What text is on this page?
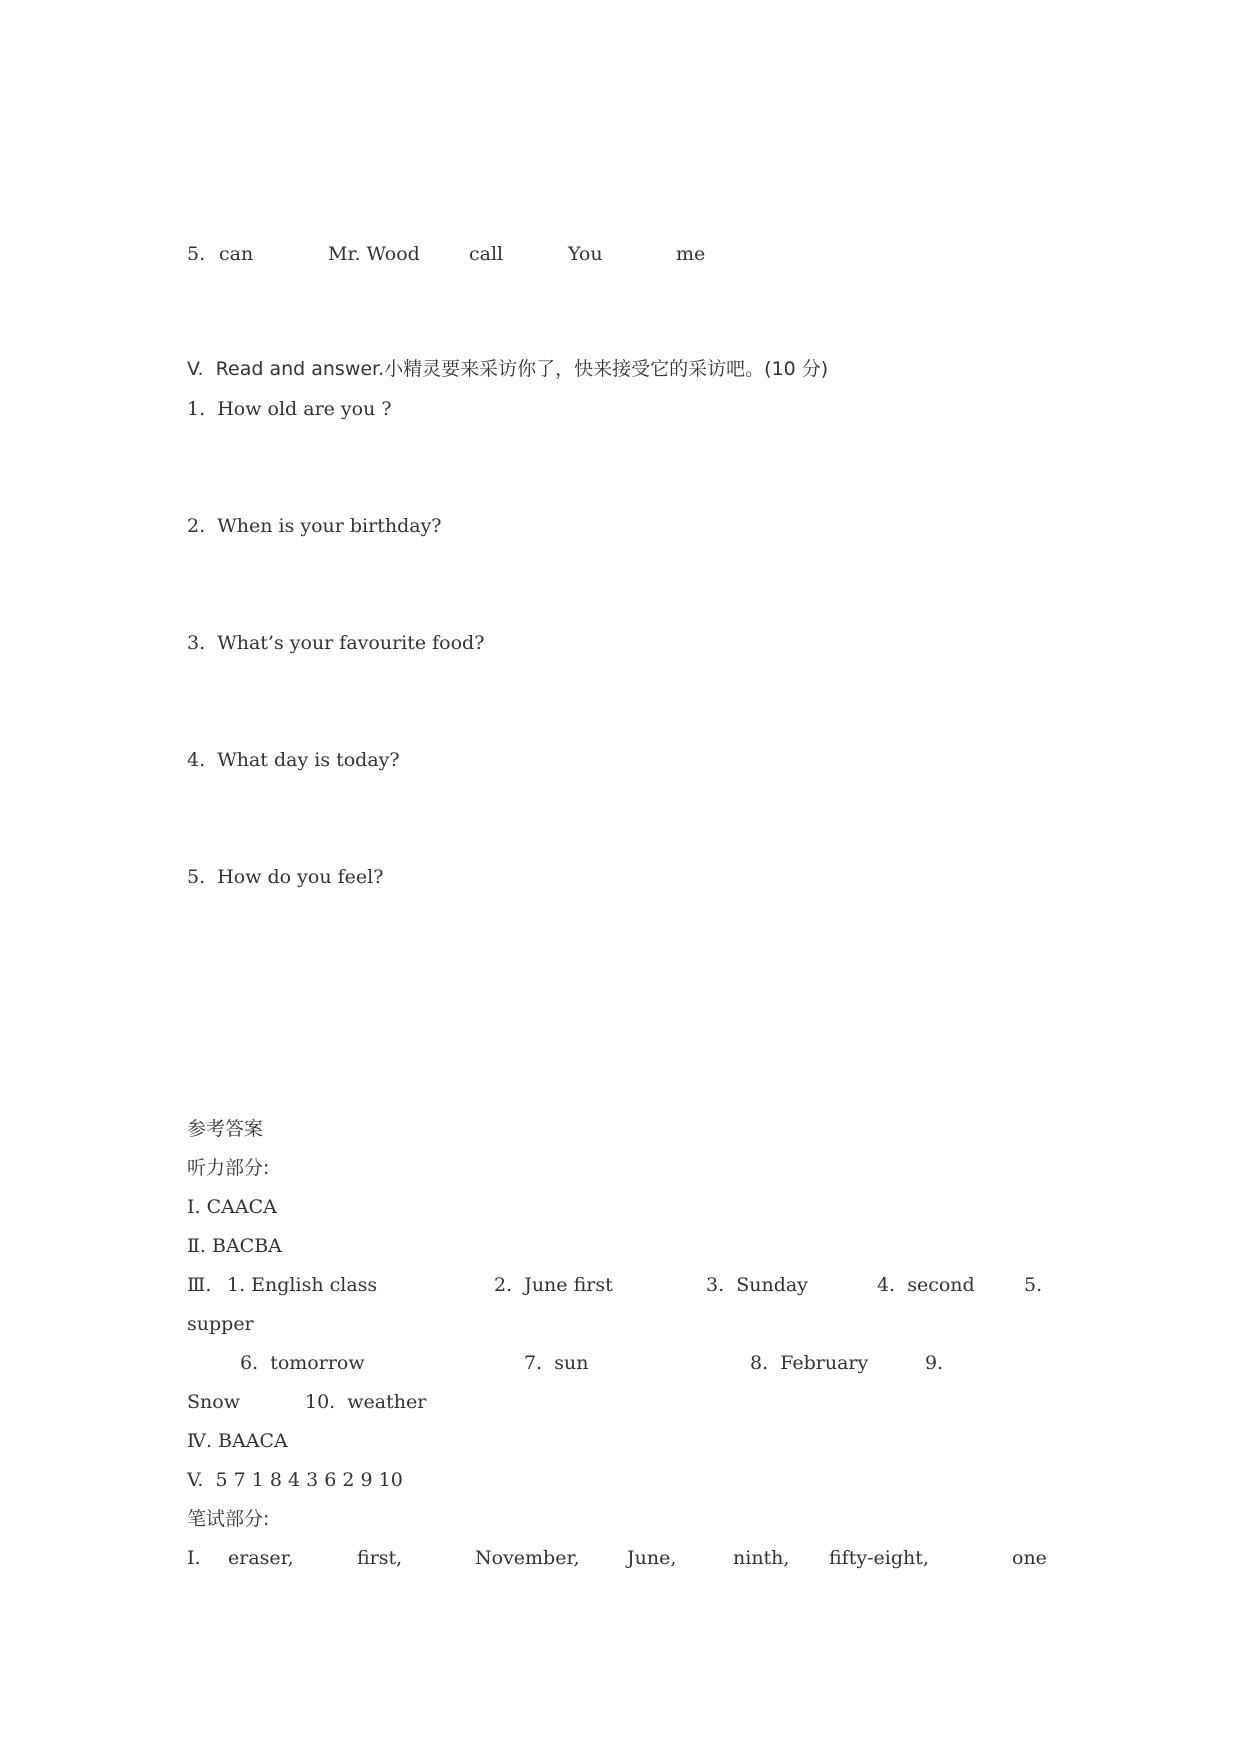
5. can	Mr. Wood	call	You	me
V.  Read and answer.小精灵要来采访你了，快来接受它的采访吧。(10 分)
1.  How old are you ?
2.  When is your birthday?
3.  What’s your favourite food?
4.  What day is today?
5.  How do you feel?
参考答案
听力部分:
Ⅰ. CAACA
Ⅱ. BACBA
Ⅲ. 1. English class	2.  June first	3.  Sunday	4.  second	5.
supper
6.  tomorrow	7.  sun	8.  February	9.
Snow	10.  weather
Ⅳ. BAACA
V.  5 7 1 8 4 3 6 2 9 10
笔试部分:
Ⅰ. eraser,	first,	November,	June,	ninth, fifty-eight,	one
